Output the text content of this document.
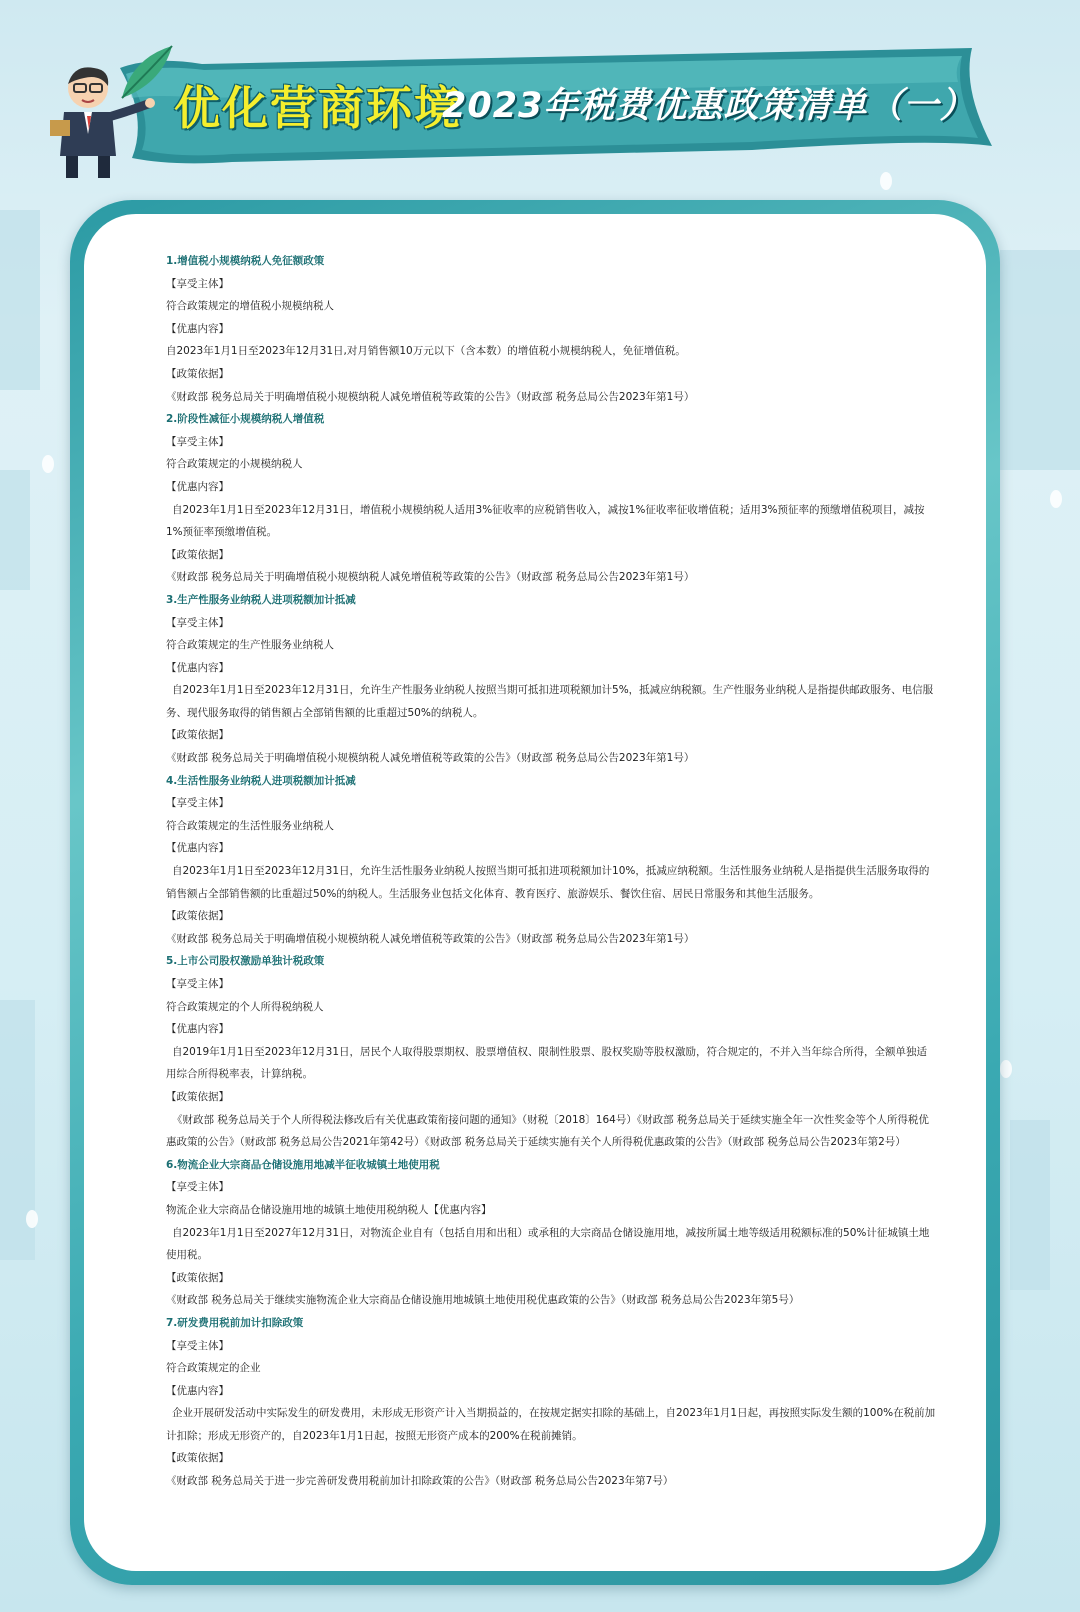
优化营商环境
2023年税费优惠政策清单（一）
1.增值税小规模纳税人免征额政策
【享受主体】
符合政策规定的增值税小规模纳税人
【优惠内容】
自2023年1月1日至2023年12月31日,对月销售额10万元以下（含本数）的增值税小规模纳税人，免征增值税。
【政策依据】
《财政部 税务总局关于明确增值税小规模纳税人减免增值税等政策的公告》（财政部 税务总局公告2023年第1号）
2.阶段性减征小规模纳税人增值税
【享受主体】
符合政策规定的小规模纳税人
【优惠内容】
自2023年1月1日至2023年12月31日，增值税小规模纳税人适用3%征收率的应税销售收入，减按1%征收率征收增值税；适用3%预征率的预缴增值税项目，减按1%预征率预缴增值税。
【政策依据】
《财政部 税务总局关于明确增值税小规模纳税人减免增值税等政策的公告》（财政部 税务总局公告2023年第1号）
3.生产性服务业纳税人进项税额加计抵减
【享受主体】
符合政策规定的生产性服务业纳税人
【优惠内容】
自2023年1月1日至2023年12月31日，允许生产性服务业纳税人按照当期可抵扣进项税额加计5%，抵减应纳税额。生产性服务业纳税人是指提供邮政服务、电信服务、现代服务取得的销售额占全部销售额的比重超过50%的纳税人。
【政策依据】
《财政部 税务总局关于明确增值税小规模纳税人减免增值税等政策的公告》（财政部 税务总局公告2023年第1号）
4.生活性服务业纳税人进项税额加计抵减
【享受主体】
符合政策规定的生活性服务业纳税人
【优惠内容】
自2023年1月1日至2023年12月31日，允许生活性服务业纳税人按照当期可抵扣进项税额加计10%，抵减应纳税额。生活性服务业纳税人是指提供生活服务取得的销售额占全部销售额的比重超过50%的纳税人。生活服务业包括文化体育、教育医疗、旅游娱乐、餐饮住宿、居民日常服务和其他生活服务。
【政策依据】
《财政部 税务总局关于明确增值税小规模纳税人减免增值税等政策的公告》（财政部 税务总局公告2023年第1号）
5.上市公司股权激励单独计税政策
【享受主体】
符合政策规定的个人所得税纳税人
【优惠内容】
自2019年1月1日至2023年12月31日，居民个人取得股票期权、股票增值权、限制性股票、股权奖励等股权激励，符合规定的，不并入当年综合所得，全额单独适用综合所得税率表，计算纳税。
【政策依据】
《财政部 税务总局关于个人所得税法修改后有关优惠政策衔接问题的通知》（财税〔2018〕164号）《财政部 税务总局关于延续实施全年一次性奖金等个人所得税优惠政策的公告》（财政部 税务总局公告2021年第42号）《财政部 税务总局关于延续实施有关个人所得税优惠政策的公告》（财政部 税务总局公告2023年第2号）
6.物流企业大宗商品仓储设施用地减半征收城镇土地使用税
【享受主体】
物流企业大宗商品仓储设施用地的城镇土地使用税纳税人【优惠内容】
自2023年1月1日至2027年12月31日，对物流企业自有（包括自用和出租）或承租的大宗商品仓储设施用地，减按所属土地等级适用税额标准的50%计征城镇土地使用税。
【政策依据】
《财政部 税务总局关于继续实施物流企业大宗商品仓储设施用地城镇土地使用税优惠政策的公告》（财政部 税务总局公告2023年第5号）
7.研发费用税前加计扣除政策
【享受主体】
符合政策规定的企业
【优惠内容】
企业开展研发活动中实际发生的研发费用，未形成无形资产计入当期损益的，在按规定据实扣除的基础上，自2023年1月1日起，再按照实际发生额的100%在税前加计扣除；形成无形资产的，自2023年1月1日起，按照无形资产成本的200%在税前摊销。
【政策依据】
《财政部 税务总局关于进一步完善研发费用税前加计扣除政策的公告》（财政部 税务总局公告2023年第7号）
